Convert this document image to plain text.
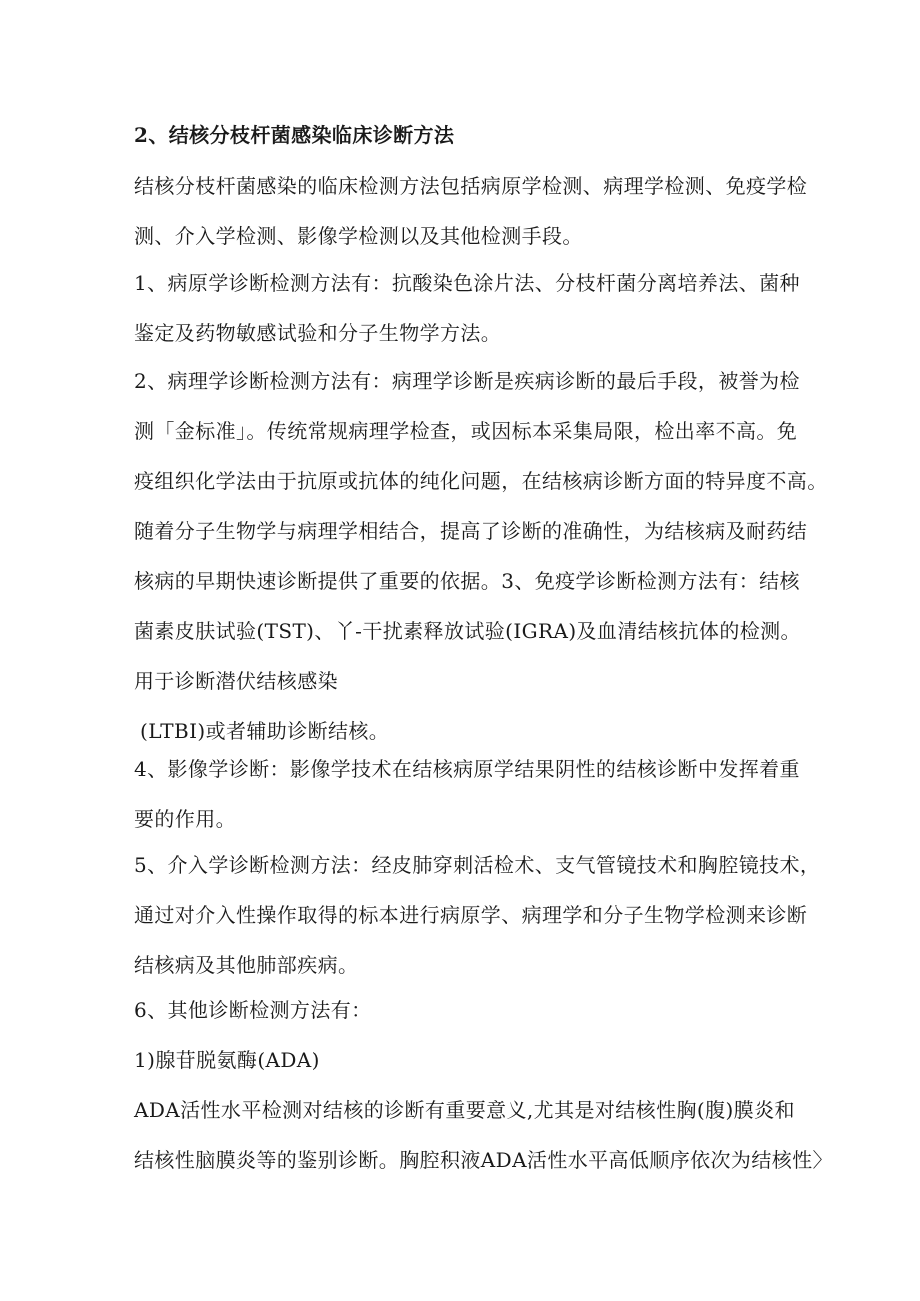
2、结核分枝杆菌感染临床诊断方法

结核分枝杆菌感染的临床检测方法包括病原学检测、病理学检测、免疫学检
测、介入学检测、影像学检测以及其他检测手段。

1、病原学诊断检测方法有：抗酸染色涂片法、分枝杆菌分离培养法、菌种
鉴定及药物敏感试验和分子生物学方法。

2、病理学诊断检测方法有：病理学诊断是疾病诊断的最后手段，被誉为检
测「金标准」。传统常规病理学检查，或因标本采集局限，检出率不高。免
疫组织化学法由于抗原或抗体的纯化问题，在结核病诊断方面的特异度不高。
随着分子生物学与病理学相结合，提高了诊断的准确性，为结核病及耐药结
核病的早期快速诊断提供了重要的依据。3、免疫学诊断检测方法有：结核
菌素皮肤试验(TST)、丫-干扰素释放试验(IGRA)及血清结核抗体的检测。
用于诊断潜伏结核感染
(LTBI)或者辅助诊断结核。

4、影像学诊断：影像学技术在结核病原学结果阴性的结核诊断中发挥着重
要的作用。

5、介入学诊断检测方法：经皮肺穿刺活检术、支气管镜技术和胸腔镜技术，
通过对介入性操作取得的标本进行病原学、病理学和分子生物学检测来诊断
结核病及其他肺部疾病。

6、其他诊断检测方法有：
1)腺苷脱氨酶(ADA)
ADA活性水平检测对结核的诊断有重要意义,尤其是对结核性胸(腹)膜炎和
结核性脑膜炎等的鉴别诊断。胸腔积液ADA活性水平高低顺序依次为结核性〉
